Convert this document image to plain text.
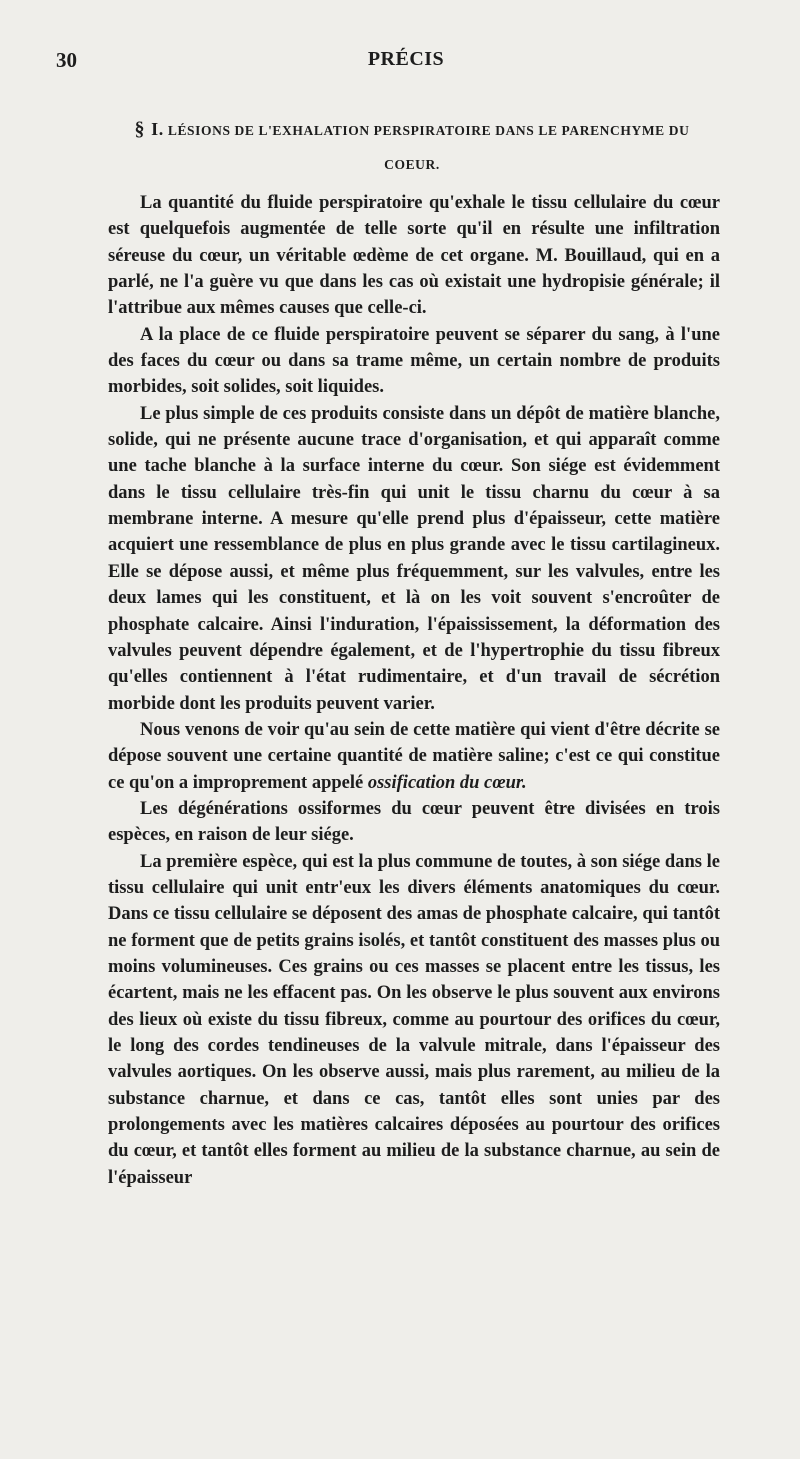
30	PRÉCIS
§ I. LÉSIONS DE L'EXHALATION PERSPIRATOIRE DANS LE PARENCHYME DU
COEUR.

La quantité du fluide perspiratoire qu'exhale le tissu cellulaire du cœur est quelquefois augmentée de telle sorte qu'il en résulte une infiltration séreuse du cœur, un véritable œdème de cet organe. M. Bouillaud, qui en a parlé, ne l'a guère vu que dans les cas où existait une hydropisie générale; il l'attribue aux mêmes causes que celle-ci.

A la place de ce fluide perspiratoire peuvent se séparer du sang, à l'une des faces du cœur ou dans sa trame même, un certain nombre de produits morbides, soit solides, soit liquides.

Le plus simple de ces produits consiste dans un dépôt de matière blanche, solide, qui ne présente aucune trace d'organisation, et qui apparaît comme une tache blanche à la surface interne du cœur. Son siége est évidemment dans le tissu cellulaire très-fin qui unit le tissu charnu du cœur à sa membrane interne. A mesure qu'elle prend plus d'épaisseur, cette matière acquiert une ressemblance de plus en plus grande avec le tissu cartilagineux. Elle se dépose aussi, et même plus fréquemment, sur les valvules, entre les deux lames qui les constituent, et là on les voit souvent s'encroûter de phosphate calcaire. Ainsi l'induration, l'épaississement, la déformation des valvules peuvent dépendre également, et de l'hypertrophie du tissu fibreux qu'elles contiennent à l'état rudimentaire, et d'un travail de sécrétion morbide dont les produits peuvent varier.

Nous venons de voir qu'au sein de cette matière qui vient d'être décrite se dépose souvent une certaine quantité de matière saline; c'est ce qui constitue ce qu'on a improprement appelé ossification du cœur.

Les dégénérations ossiformes du cœur peuvent être divisées en trois espèces, en raison de leur siége.

La première espèce, qui est la plus commune de toutes, à son siége dans le tissu cellulaire qui unit entr'eux les divers éléments anatomiques du cœur. Dans ce tissu cellulaire se déposent des amas de phosphate calcaire, qui tantôt ne forment que de petits grains isolés, et tantôt constituent des masses plus ou moins volumineuses. Ces grains ou ces masses se placent entre les tissus, les écartent, mais ne les effacent pas. On les observe le plus souvent aux environs des lieux où existe du tissu fibreux, comme au pourtour des orifices du cœur, le long des cordes tendineuses de la valvule mitrale, dans l'épaisseur des valvules aortiques. On les observe aussi, mais plus rarement, au milieu de la substance charnue, et dans ce cas, tantôt elles sont unies par des prolongements avec les matières calcaires déposées au pourtour des orifices du cœur, et tantôt elles forment au milieu de la substance charnue, au sein de l'épaisseur
